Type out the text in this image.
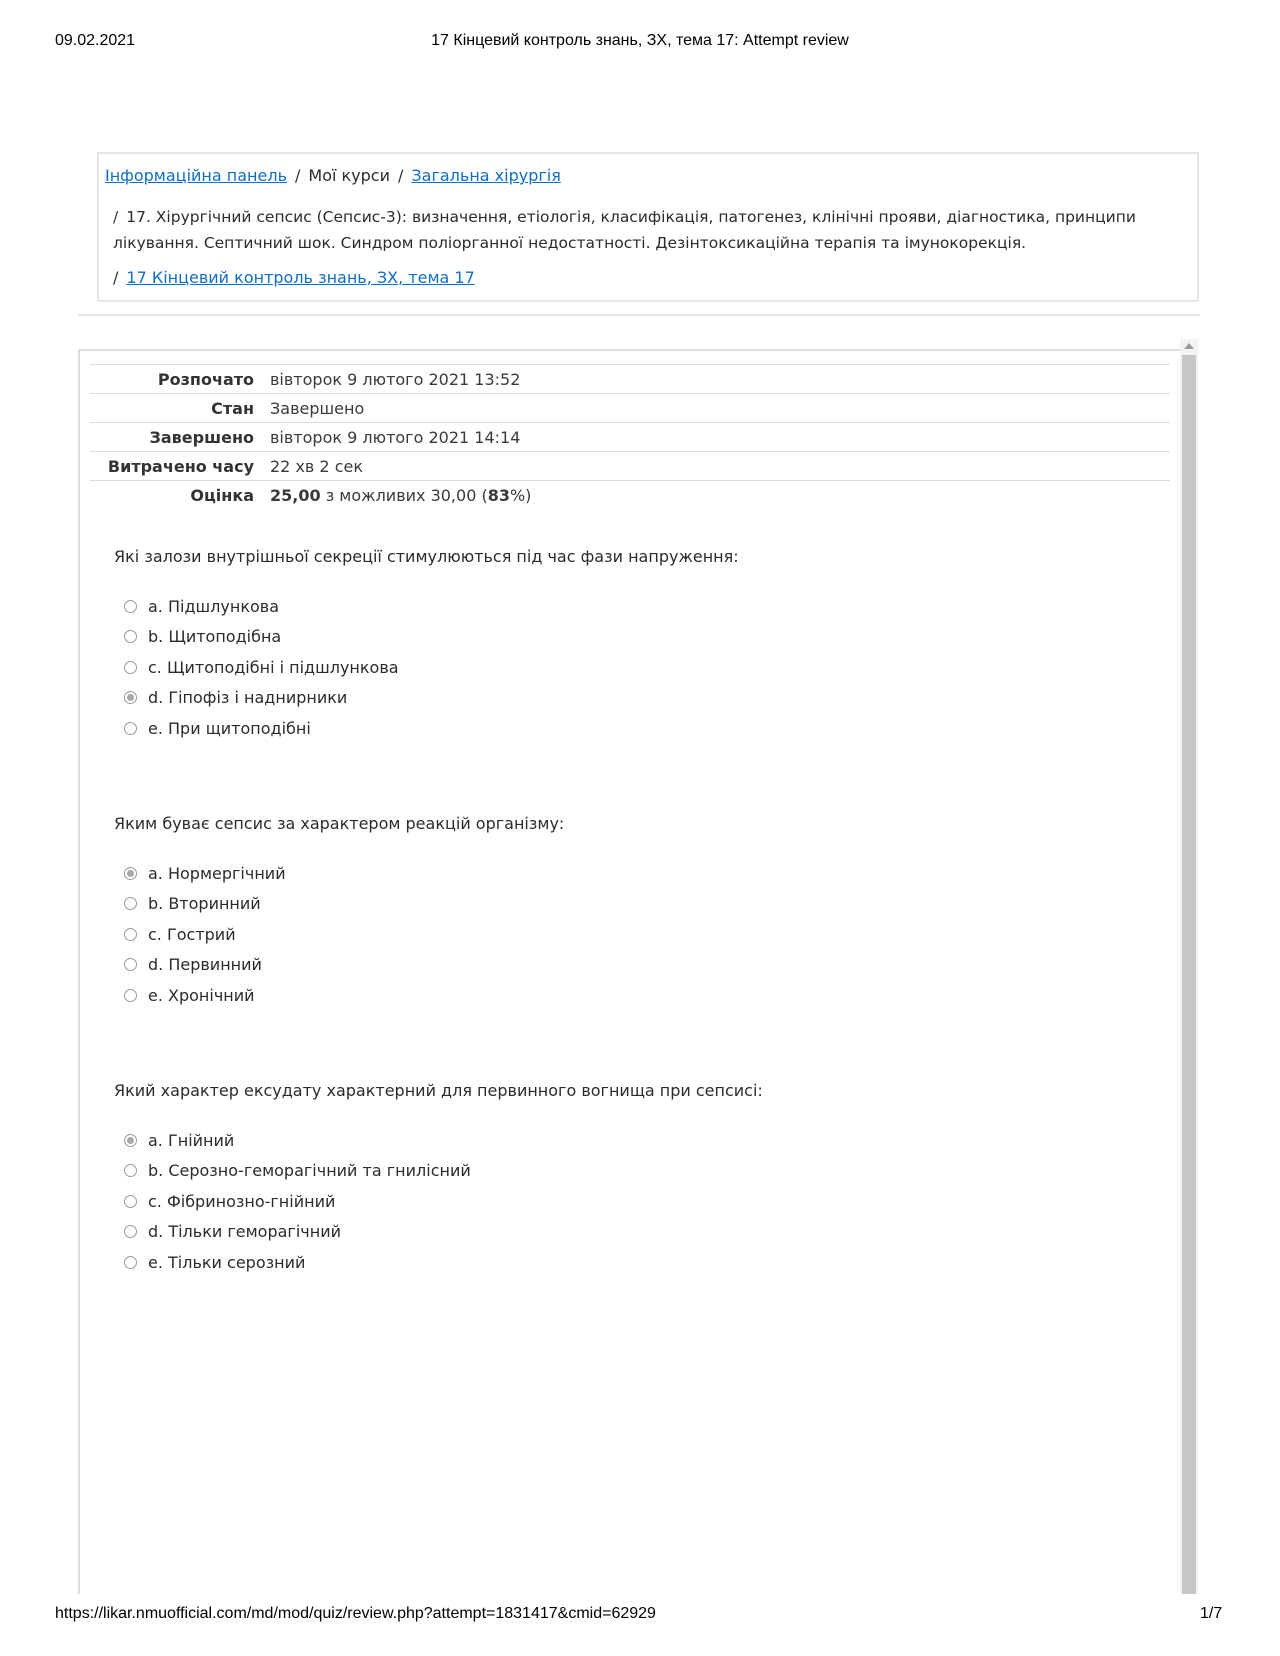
09.02.2021	17 Кінцевий контроль знань, ЗХ, тема 17: Attempt review
Інформаційна панель / Мої курси / Загальна хірургія
/ 17. Хірургічний сепсис (Сепсис-3): визначення, етіологія, класифікація, патогенез, клінічні прояви, діагностика, принципи лікування. Септичний шок. Синдром поліорганної недостатності. Дезінтоксикаційна терапія та імунокорекція.
/ 17 Кінцевий контроль знань, ЗХ, тема 17
Розпочато	вівторок 9 лютого 2021 13:52
Стан	Завершено
Завершено	вівторок 9 лютого 2021 14:14
Витрачено часу	22 хв 2 сек
Оцінка	25,00 з можливих 30,00 (83%)
Які залози внутрішньої секреції стимулюються під час фази напруження:
a. Підшлункова
b. Щитоподібна
c. Щитоподібні і підшлункова
d. Гіпофіз і наднирники
e. При щитоподібні
Яким буває сепсис за характером реакцій організму:
a. Нормергічний
b. Вторинний
c. Гострий
d. Первинний
e. Хронічний
Який характер ексудату характерний для первинного вогнища при сепсисі:
a. Гнійний
b. Серозно-геморагічний та гнилісний
c. Фібринозно-гнійний
d. Тільки геморагічний
e. Тільки серозний
https://likar.nmuofficial.com/md/mod/quiz/review.php?attempt=1831417&cmid=62929	1/7
